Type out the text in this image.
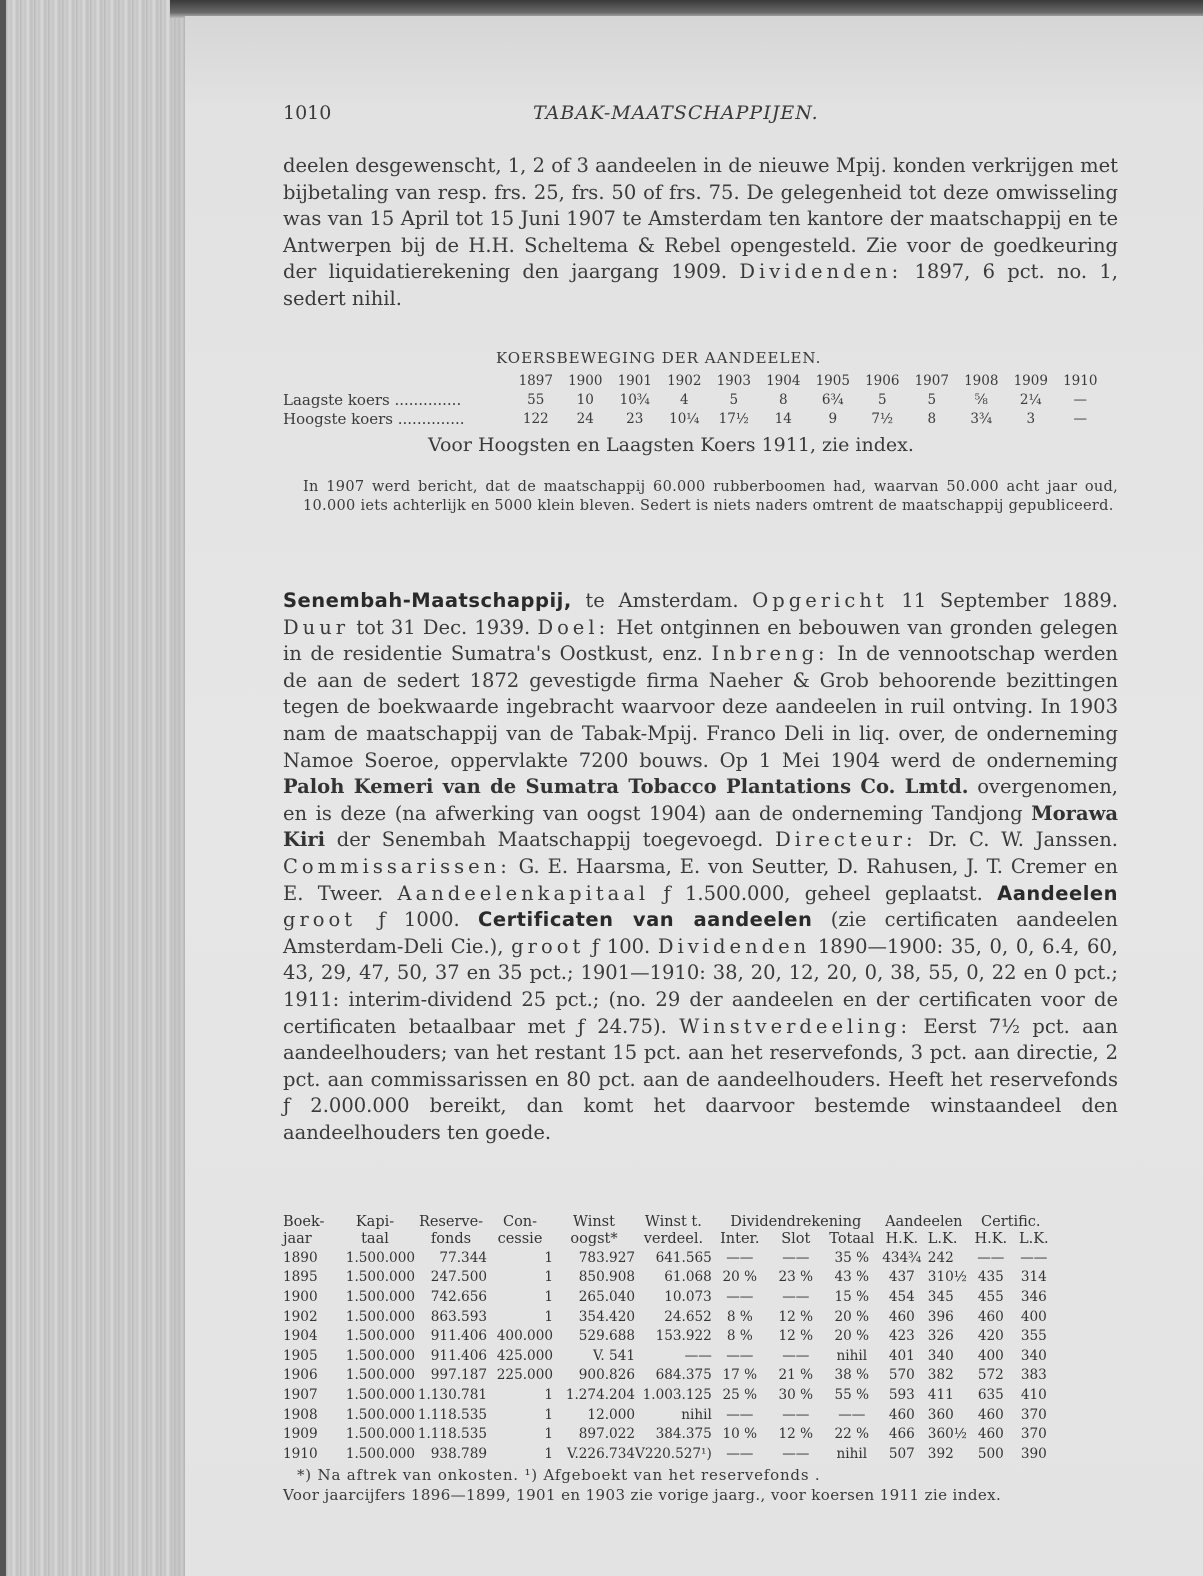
1010	TABAK-MAATSCHAPPIJEN.

deelen desgewenscht, 1, 2 of 3 aandeelen in de nieuwe Mpij. konden verkrijgen met bijbetaling van resp. frs. 25, frs. 50 of frs. 75. De gelegenheid tot deze omwisseling was van 15 April tot 15 Juni 1907 te Amsterdam ten kantore der maatschappij en te Antwerpen bij de H.H. Scheltema & Rebel opengesteld. Zie voor de goedkeuring der liquidatierekening den jaargang 1909. Dividenden: 1897, 6 pct. no. 1, sedert nihil.

KOERSBEWEGING DER AANDEELEN.
	1897	1900	1901	1902	1903	1904	1905	1906	1907	1908	1909	1910
Laagste koers ..............	55	10	10¾	4	5	8	6¾	5	5	⅝	2¼	—
Hoogste koers ..............	122	24	23	10¼	17½	14	9	7½	8	3¾	3	—
Voor Hoogsten en Laagsten Koers 1911, zie index.

In 1907 werd bericht, dat de maatschappij 60.000 rubberboomen had, waarvan 50.000 acht jaar oud, 10.000 iets achterlijk en 5000 klein bleven. Sedert is niets naders omtrent de maatschappij gepubliceerd.

Senembah-Maatschappij, te Amsterdam. Opgericht 11 September 1889. Duur tot 31 Dec. 1939. Doel: Het ontginnen en bebouwen van gronden gelegen in de residentie Sumatra's Oostkust, enz. Inbreng: In de vennootschap werden de aan de sedert 1872 gevestigde firma Naeher & Grob behoorende bezittingen tegen de boekwaarde ingebracht waarvoor deze aandeelen in ruil ontving. In 1903 nam de maatschappij van de Tabak-Mpij. Franco Deli in liq. over, de onderneming Namoe Soeroe, oppervlakte 7200 bouws. Op 1 Mei 1904 werd de onderneming Paloh Kemeri van de Sumatra Tobacco Plantations Co. Lmtd. overgenomen, en is deze (na afwerking van oogst 1904) aan de onderneming Tandjong Morawa Kiri der Senembah Maatschappij toegevoegd. Directeur: Dr. C. W. Janssen. Commissarissen: G. E. Haarsma, E. von Seutter, D. Rahusen, J. T. Cremer en E. Tweer. Aandeelenkapitaal ƒ 1.500.000, geheel geplaatst. Aandeelen groot ƒ 1000. Certificaten van aandeelen (zie certificaten aandeelen Amsterdam-Deli Cie.), groot ƒ 100. Dividenden 1890—1900: 35, 0, 0, 6.4, 60, 43, 29, 47, 50, 37 en 35 pct.; 1901—1910: 38, 20, 12, 20, 0, 38, 55, 0, 22 en 0 pct.; 1911: interim-dividend 25 pct.; (no. 29 der aandeelen en der certificaten voor de certificaten betaalbaar met ƒ 24.75). Winstverdeeling: Eerst 7½ pct. aan aandeelhouders; van het restant 15 pct. aan het reservefonds, 3 pct. aan directie, 2 pct. aan commissarissen en 80 pct. aan de aandeelhouders. Heeft het reservefonds ƒ 2.000.000 bereikt, dan komt het daarvoor bestemde winstaandeel den aandeelhouders ten goede.

Boek-	Kapi-	Reserve-	Con-	Winst	Winst t.	Dividendrekening			Aandeelen		Certific.	
jaar	taal	fonds	cessie	oogst*	verdeel.	Inter.	Slot	Totaal	H.K.	L.K.	H.K.	L.K.
1890	1.500.000	77.344	1	783.927	641.565	——	——	35 %	434¾	242	——	——
1895	1.500.000	247.500	1	850.908	61.068	20 %	23 %	43 %	437	310½	435	314
1900	1.500.000	742.656	1	265.040	10.073	——	——	15 %	454	345	455	346
1902	1.500.000	863.593	1	354.420	24.652	8 %	12 %	20 %	460	396	460	400
1904	1.500.000	911.406	400.000	529.688	153.922	8 %	12 %	20 %	423	326	420	355
1905	1.500.000	911.406	425.000	V. 541	——	——	——	nihil	401	340	400	340
1906	1.500.000	997.187	225.000	900.826	684.375	17 %	21 %	38 %	570	382	572	383
1907	1.500.000	1.130.781	1	1.274.204	1.003.125	25 %	30 %	55 %	593	411	635	410
1908	1.500.000	1.118.535	1	12.000	nihil	——	——	——	460	360	460	370
1909	1.500.000	1.118.535	1	897.022	384.375	10 %	12 %	22 %	466	360½	460	370
1910	1.500.000	938.789	1	V.226.734	V220.527¹)	——	——	nihil	507	392	500	390
*) Na aftrek van onkosten. ¹) Afgeboekt van het reservefonds .
Voor jaarcijfers 1896—1899, 1901 en 1903 zie vorige jaarg., voor koersen 1911 zie index.
